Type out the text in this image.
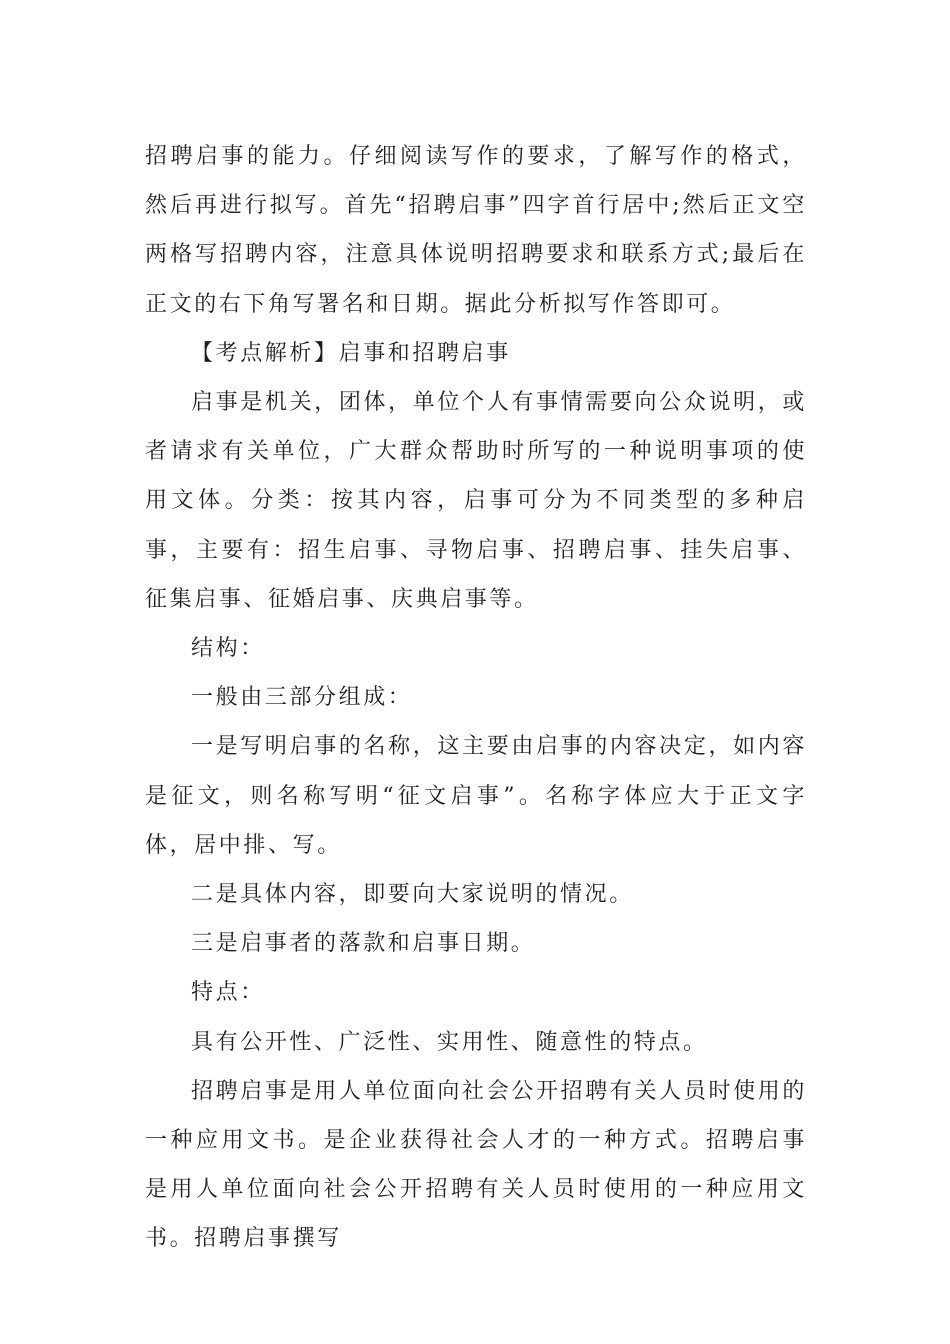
招聘启事的能力。仔细阅读写作的要求，了解写作的格式，然后再进行拟写。首先“招聘启事”四字首行居中;然后正文空两格写招聘内容，注意具体说明招聘要求和联系方式;最后在正文的右下角写署名和日期。据此分析拟写作答即可。

【考点解析】启事和招聘启事

启事是机关，团体，单位个人有事情需要向公众说明，或者请求有关单位，广大群众帮助时所写的一种说明事项的使用文体。分类：按其内容，启事可分为不同类型的多种启事，主要有：招生启事、寻物启事、招聘启事、挂失启事、征集启事、征婚启事、庆典启事等。

结构：

一般由三部分组成：

一是写明启事的名称，这主要由启事的内容决定，如内容是征文，则名称写明“征文启事”。名称字体应大于正文字体，居中排、写。

二是具体内容，即要向大家说明的情况。

三是启事者的落款和启事日期。

特点：

具有公开性、广泛性、实用性、随意性的特点。

招聘启事是用人单位面向社会公开招聘有关人员时使用的一种应用文书。是企业获得社会人才的一种方式。招聘启事是用人单位面向社会公开招聘有关人员时使用的一种应用文书。招聘启事撰写
